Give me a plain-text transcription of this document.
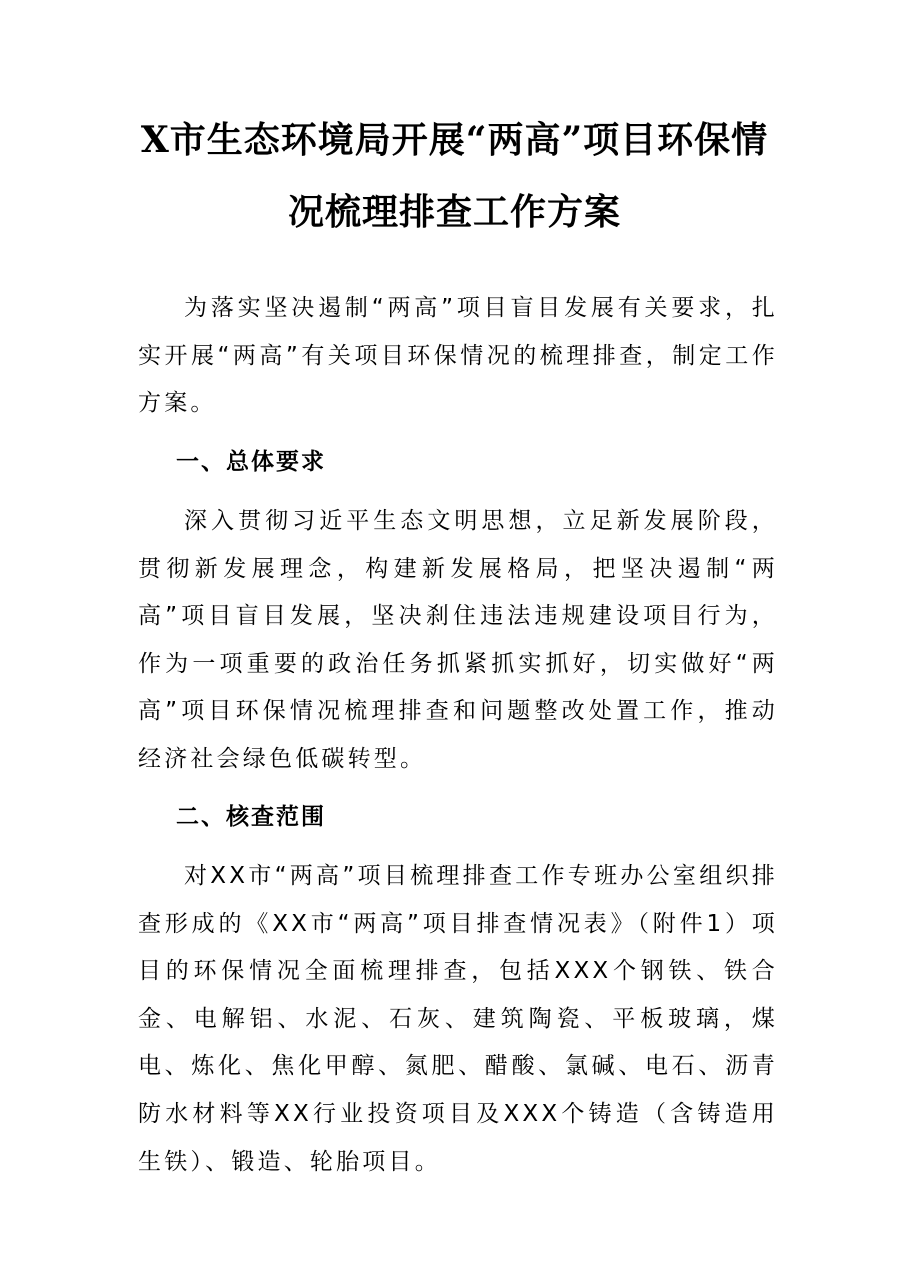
X市生态环境局开展“两高”项目环保情
况梳理排查工作方案

为落实坚决遏制“两高”项目盲目发展有关要求，扎实开展“两高”有关项目环保情况的梳理排查，制定工作方案。

一、总体要求

深入贯彻习近平生态文明思想，立足新发展阶段，贯彻新发展理念，构建新发展格局，把坚决遏制“两高”项目盲目发展，坚决刹住违法违规建设项目行为，作为一项重要的政治任务抓紧抓实抓好，切实做好“两高”项目环保情况梳理排查和问题整改处置工作，推动经济社会绿色低碳转型。

二、核查范围

对XX市“两高”项目梳理排查工作专班办公室组织排查形成的《XX市“两高”项目排查情况表》（附件1）项目的环保情况全面梳理排查，包括XXX个钢铁、铁合金、电解铝、水泥、石灰、建筑陶瓷、平板玻璃，煤电、炼化、焦化甲醇、氮肥、醋酸、氯碱、电石、沥青防水材料等XX行业投资项目及XXX个铸造（含铸造用生铁）、锻造、轮胎项目。
